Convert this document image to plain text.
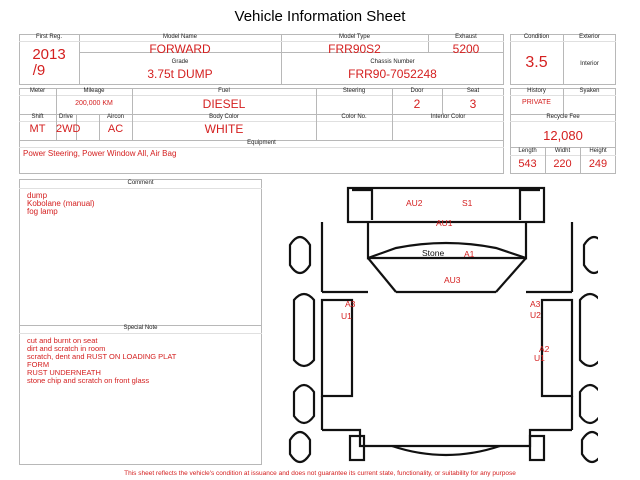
Vehicle Information Sheet
First Reg.
2013
/9
Model Name
FORWARD
Model Type
FRR90S2
Exhaust
5200
Grade
3.75t DUMP
Chassis Number
FRR90-7052248
Condition
3.5
Exterior
Interior
Meter	Mileage
200,000 KM
Fuel
DIESEL
Steering	Door
2
Seat
3
Shift
MT
Drive
2WD
Aircon
AC
Body Color
WHITE
Color No.	Interior Color
Equipment
Power Steering, Power Window All, Air Bag
History
PRIVATE
Syaken
Recycle Fee
12,080
Length	Widht	Height
543	220	249
Comment
dump
Kobolane (manual)
fog lamp
Special Note
cut and burnt on seat
dirt and scratch in room
scratch, dent and RUST ON LOADING PLAT
FORM
RUST UNDERNEATH
stone chip and scratch on front glass
AU2	S1
AU1
A1
AU3
A3
U1
A3
U2
A2
U1
Stone
This sheet reflects the vehicle's condition at issuance and does not guarantee its current state, functionality, or suitability for any purpose
